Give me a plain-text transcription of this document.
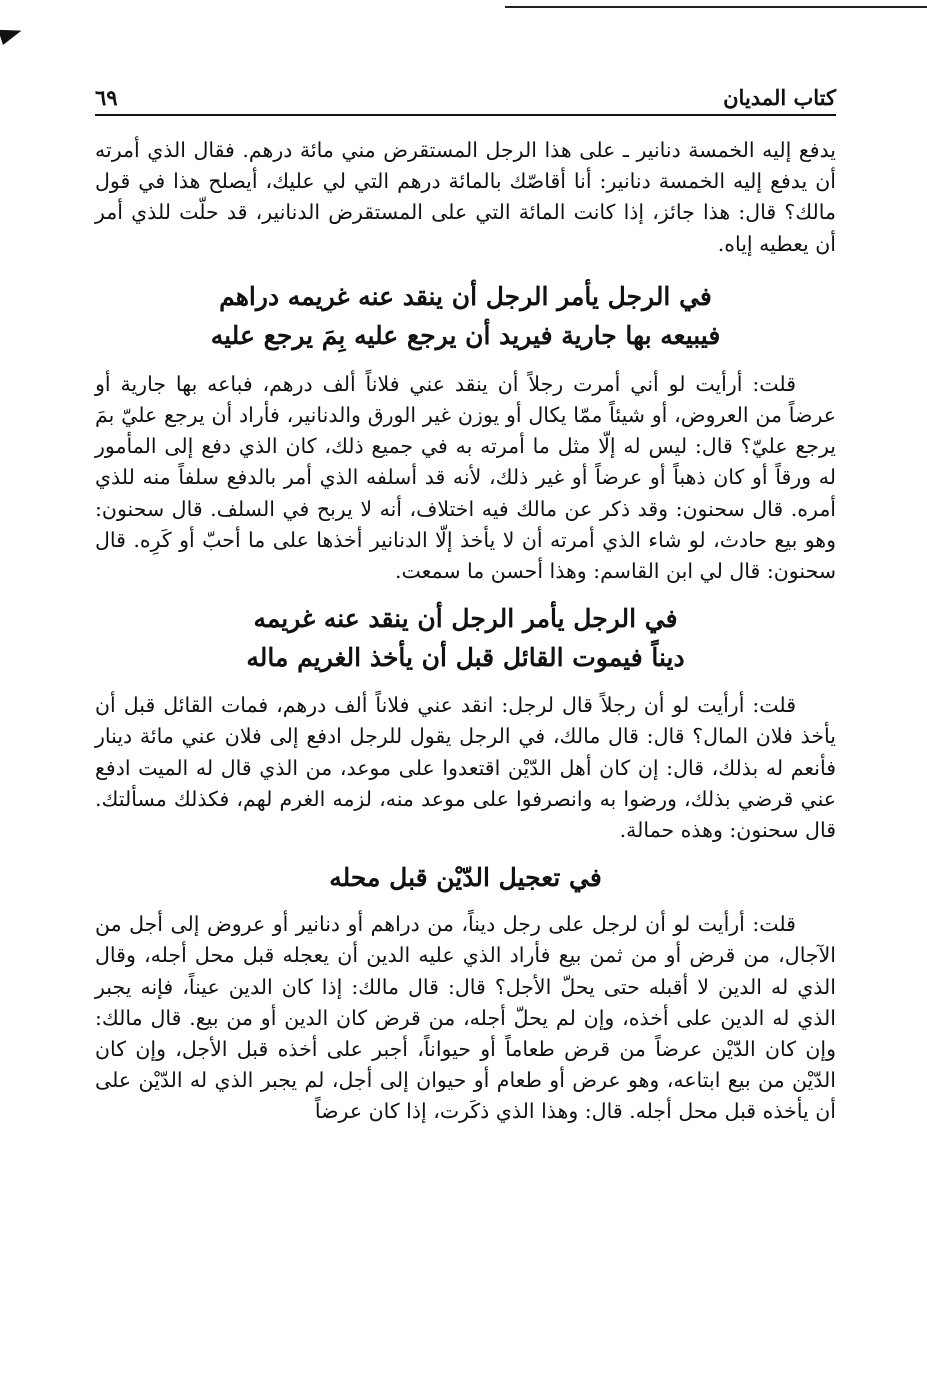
كتاب المديان
٦٩

يدفع إليه الخمسة دنانير ـ على هذا الرجل المستقرض مني مائة درهم. فقال الذي أمرته أن يدفع إليه الخمسة دنانير: أنا أقاصّك بالمائة درهم التي لي عليك، أيصلح هذا في قول مالك؟ قال: هذا جائز، إذا كانت المائة التي على المستقرض الدنانير، قد حلّت للذي أمر أن يعطيه إياه.

في الرجل يأمر الرجل أن ينقد عنه غريمه دراهم
فيبيعه بها جارية فيريد أن يرجع عليه بِمَ يرجع عليه

قلت: أرأيت لو أني أمرت رجلاً أن ينقد عني فلاناً ألف درهم، فباعه بها جارية أو عرضاً من العروض، أو شيئاً ممّا يكال أو يوزن غير الورق والدنانير، فأراد أن يرجع عليّ بمَ يرجع عليّ؟ قال: ليس له إلّا مثل ما أمرته به في جميع ذلك، كان الذي دفع إلى المأمور له ورقاً أو كان ذهباً أو عرضاً أو غير ذلك، لأنه قد أسلفه الذي أمر بالدفع سلفاً منه للذي أمره. قال سحنون: وقد ذكر عن مالك فيه اختلاف، أنه لا يربح في السلف. قال سحنون: وهو بيع حادث، لو شاء الذي أمرته أن لا يأخذ إلّا الدنانير أخذها على ما أحبّ أو كَرِه. قال سحنون: قال لي ابن القاسم: وهذا أحسن ما سمعت.

في الرجل يأمر الرجل أن ينقد عنه غريمه
ديناً فيموت القائل قبل أن يأخذ الغريم ماله

قلت: أرأيت لو أن رجلاً قال لرجل: انقد عني فلاناً ألف درهم، فمات القائل قبل أن يأخذ فلان المال؟ قال: قال مالك، في الرجل يقول للرجل ادفع إلى فلان عني مائة دينار فأنعم له بذلك، قال: إن كان أهل الدّيْن اقتعدوا على موعد، من الذي قال له الميت ادفع عني قرضي بذلك، ورضوا به وانصرفوا على موعد منه، لزمه الغرم لهم، فكذلك مسألتك. قال سحنون: وهذه حمالة.

في تعجيل الدّيْن قبل محله

قلت: أرأيت لو أن لرجل على رجل ديناً، من دراهم أو دنانير أو عروض إلى أجل من الآجال، من قرض أو من ثمن بيع فأراد الذي عليه الدين أن يعجله قبل محل أجله، وقال الذي له الدين لا أقبله حتى يحلّ الأجل؟ قال: قال مالك: إذا كان الدين عيناً، فإنه يجبر الذي له الدين على أخذه، وإن لم يحلّ أجله، من قرض كان الدين أو من بيع. قال مالك: وإن كان الدّيْن عرضاً من قرض طعاماً أو حيواناً، أجبر على أخذه قبل الأجل، وإن كان الدّيْن من بيع ابتاعه، وهو عرض أو طعام أو حيوان إلى أجل، لم يجبر الذي له الدّيْن على أن يأخذه قبل محل أجله. قال: وهذا الذي ذكَرت، إذا كان عرضاً
